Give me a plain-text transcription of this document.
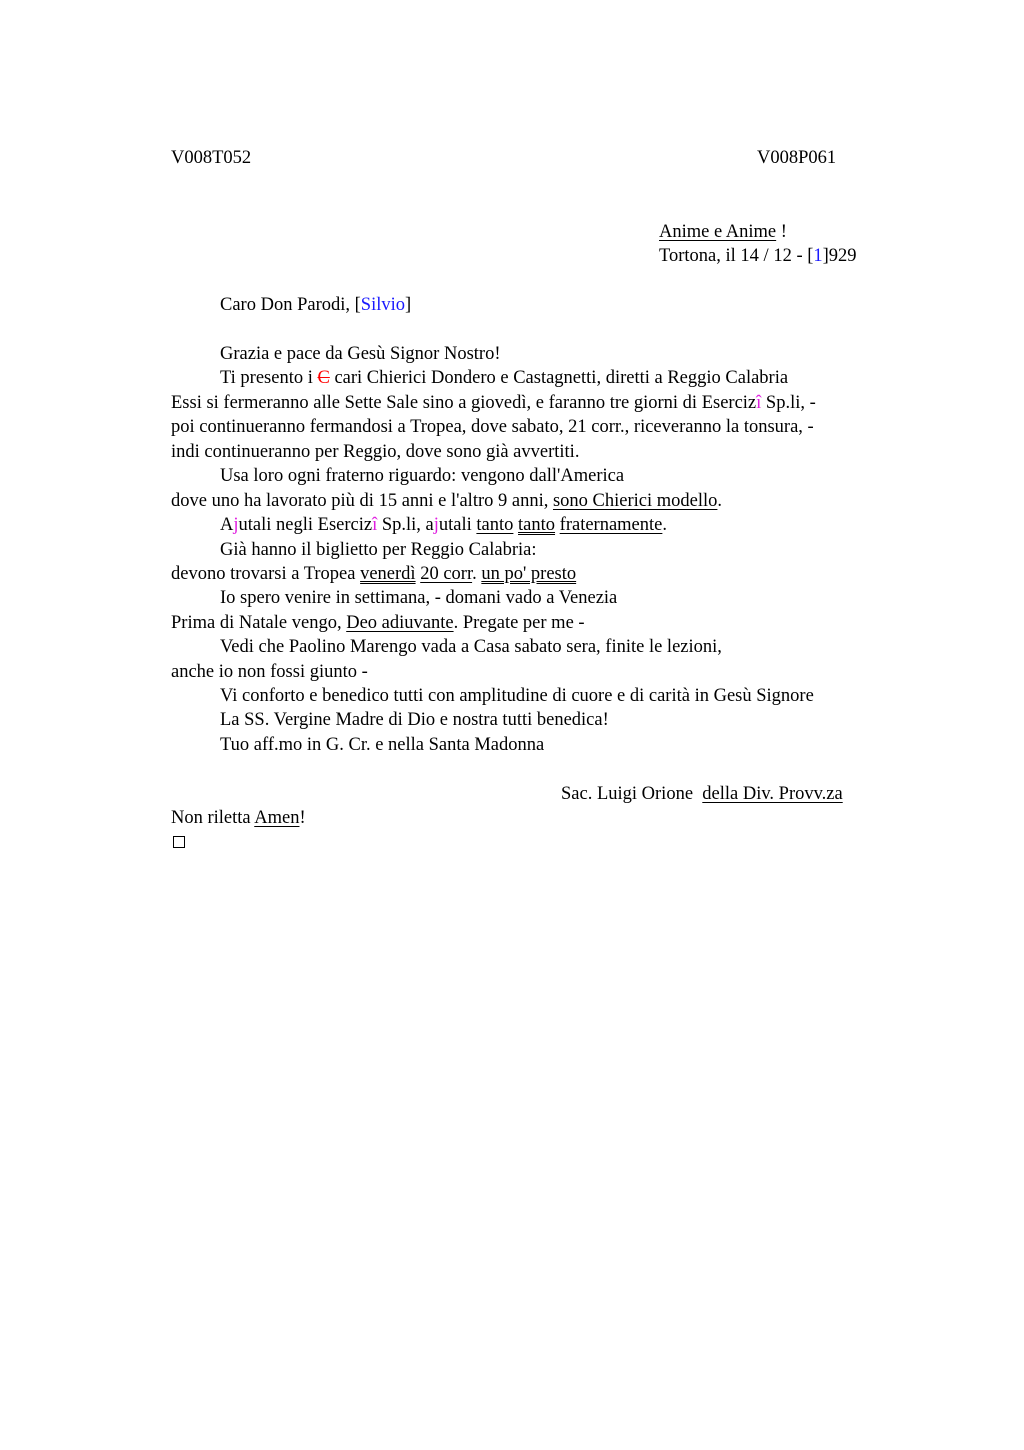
V008T052	V008P061
Anime e Anime !
Tortona, il 14 / 12 - [1]929
Caro Don Parodi, [Silvio]
Grazia e pace da Gesù Signor Nostro!
Ti presento i C cari Chierici Dondero e Castagnetti, diretti a Reggio Calabria
Essi si fermeranno alle Sette Sale sino a giovedì, e faranno tre giorni di Esercizî Sp.li, -
poi continueranno fermandosi a Tropea, dove sabato, 21 corr., riceveranno la tonsura, -
indi continueranno per Reggio, dove sono già avvertiti.
Usa loro ogni fraterno riguardo: vengono dall'America
dove uno ha lavorato più di 15 anni e l'altro 9 anni, sono Chierici modello.
Ajutali negli Esercizî Sp.li, ajutali tanto tanto fraternamente.
Già hanno il biglietto per Reggio Calabria:
devono trovarsi a Tropea venerdì 20 corr. un po' presto
Io spero venire in settimana, - domani vado a Venezia
Prima di Natale vengo, Deo adiuvante. Pregate per me -
Vedi che Paolino Marengo vada a Casa sabato sera, finite le lezioni,
anche io non fossi giunto -
Vi conforto e benedico tutti con amplitudine di cuore e di carità in Gesù Signore
La SS. Vergine Madre di Dio e nostra tutti benedica!
Tuo aff.mo in G. Cr. e nella Santa Madonna
Sac. Luigi Orione  della Div. Provv.za
Non riletta Amen!
